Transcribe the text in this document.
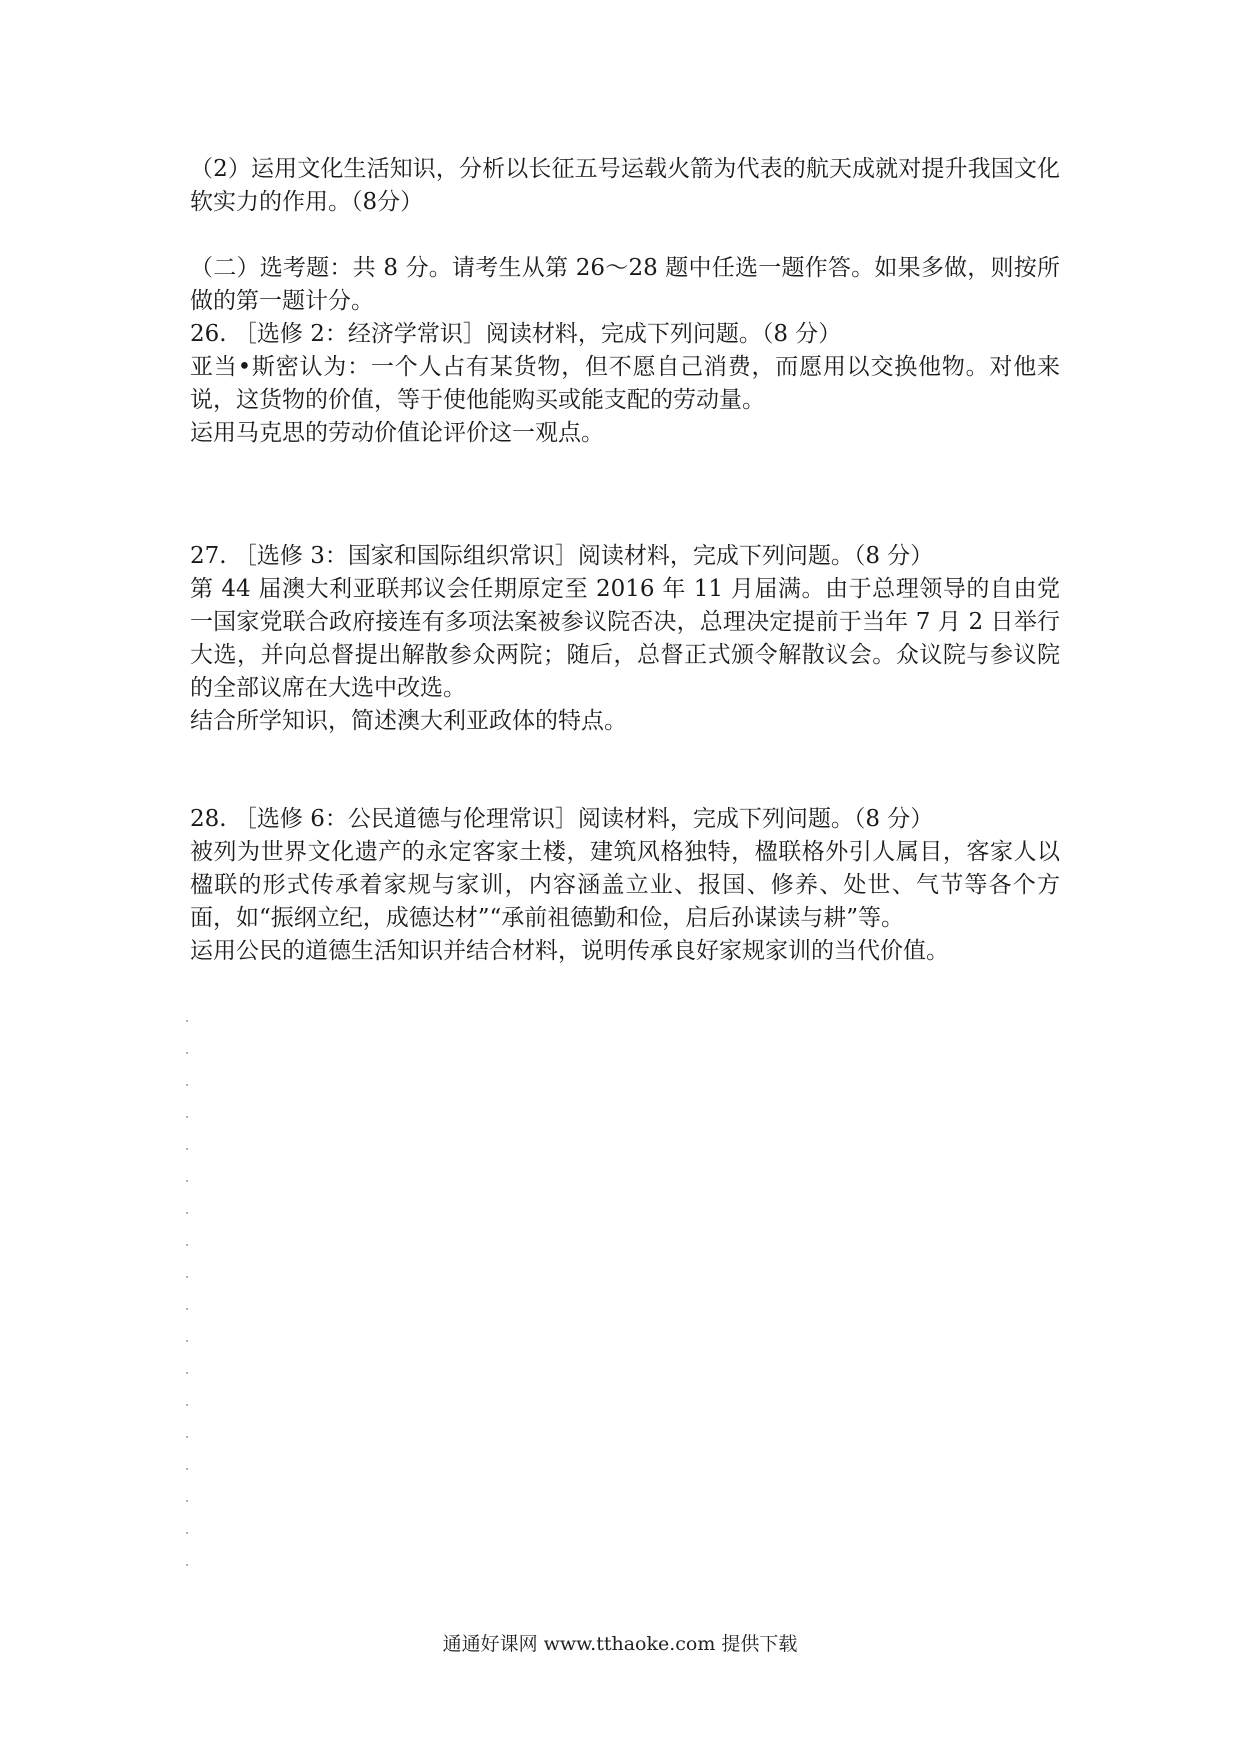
（2）运用文化生活知识，分析以长征五号运载火箭为代表的航天成就对提升我国文化软实力的作用。（8分）

（二）选考题：共 8 分。请考生从第 26～28 题中任选一题作答。如果多做，则按所做的第一题计分。

26. ［选修 2：经济学常识］阅读材料，完成下列问题。（8 分）

亚当•斯密认为：一个人占有某货物，但不愿自己消费，而愿用以交换他物。对他来说，这货物的价值，等于使他能购买或能支配的劳动量。

运用马克思的劳动价值论评价这一观点。

27. ［选修 3：国家和国际组织常识］阅读材料，完成下列问题。（8 分）

第 44 届澳大利亚联邦议会任期原定至 2016 年 11 月届满。由于总理领导的自由党一国家党联合政府接连有多项法案被参议院否决，总理决定提前于当年 7 月 2 日举行大选，并向总督提出解散参众两院；随后，总督正式颁令解散议会。众议院与参议院的全部议席在大选中改选。

结合所学知识，简述澳大利亚政体的特点。

28. ［选修 6：公民道德与伦理常识］阅读材料，完成下列问题。（8 分）

被列为世界文化遗产的永定客家土楼，建筑风格独特，楹联格外引人属目，客家人以楹联的形式传承着家规与家训，内容涵盖立业、报国、修养、处世、气节等各个方面，如“振纲立纪，成德达材”“承前祖德勤和俭，启后孙谋读与耕”等。

运用公民的道德生活知识并结合材料，说明传承良好家规家训的当代价值。

通通好课网 www.tthaoke.com 提供下载
